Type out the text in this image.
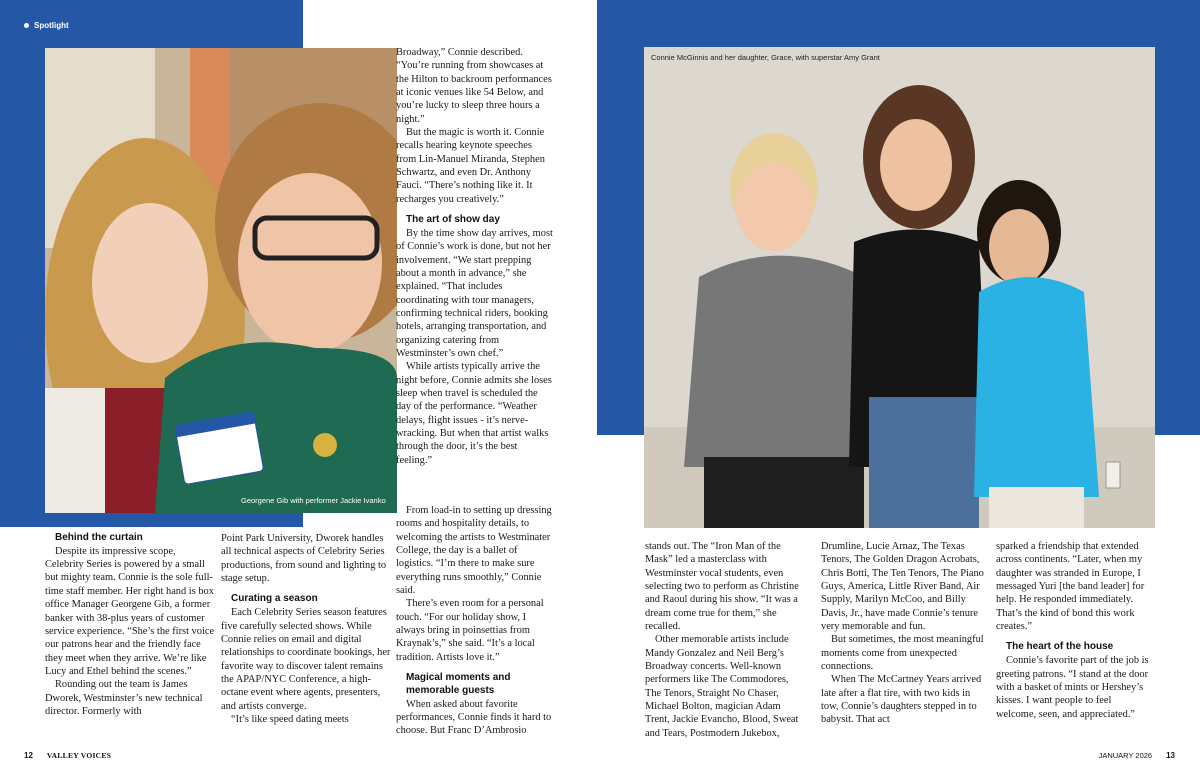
Spotlight
Georgene Gib with performer Jackie Ivanko
Connie McGinnis and her daughter, Grace, with superstar Amy Grant
Behind the curtain

Despite its impressive scope, Celebrity Series is powered by a small but mighty team. Connie is the sole full-time staff member. Her right hand is box office Manager Georgene Gib, a former banker with 38-plus years of customer service experience. “She’s the first voice our patrons hear and the friendly face they meet when they arrive. We’re like Lucy and Ethel behind the scenes.”

Rounding out the team is James Dworek, Westminster’s new technical director. Formerly with

Point Park University, Dworek handles all technical aspects of Celebrity Series productions, from sound and lighting to stage setup.

Curating a season

Each Celebrity Series season features five carefully selected shows. While Connie relies on email and digital relationships to coordinate bookings, her favorite way to discover talent remains the APAP/NYC Conference, a high-octane event where agents, presenters, and artists converge.

“It’s like speed dating meets

Broadway,” Connie described. “You’re running from showcases at the Hilton to backroom performances at iconic venues like 54 Below, and you’re lucky to sleep three hours a night.”

But the magic is worth it. Connie recalls hearing keynote speeches from Lin-Manuel Miranda, Stephen Schwartz, and even Dr. Anthony Fauci. “There’s nothing like it. It recharges you creatively.”

The art of show day

By the time show day arrives, most of Connie’s work is done, but not her involvement. “We start prepping about a month in advance,” she explained. “That includes coordinating with tour managers, confirming technical riders, booking hotels, arranging transportation, and organizing catering from Westminster’s own chef.”

While artists typically arrive the night before, Connie admits she loses sleep when travel is scheduled the day of the performance. “Weather delays, flight issues - it’s nerve-wracking. But when that artist walks through the door, it’s the best feeling.”

From load-in to setting up dressing rooms and hospitality details, to welcoming the artists to Westminater College, the day is a ballet of logistics. “I’m there to make sure everything runs smoothly,” Connie said.

There’s even room for a personal touch. “For our holiday show, I always bring in poinsettias from Kraynak’s,” she said. “It’s a local tradition. Artists love it.”

Magical moments and memorable guests

When asked about favorite performances, Connie finds it hard to choose. But Franc D’Ambrosio

stands out. The “Iron Man of the Mask” led a masterclass with Westminster vocal students, even selecting two to perform as Christine and Raoul during his show. “It was a dream come true for them,” she recalled.

Other memorable artists include Mandy Gonzalez and Neil Berg’s Broadway concerts. Well-known performers like The Commodores, The Tenors, Straight No Chaser, Michael Bolton, magician Adam Trent, Jackie Evancho, Blood, Sweat and Tears, Postmodern Jukebox,

Drumline, Lucie Arnaz, The Texas Tenors, The Golden Dragon Acrobats, Chris Botti, The Ten Tenors, The Piano Guys, America, Little River Band, Air Supply, Marilyn McCoo, and Billy Davis, Jr., have made Connie’s tenure very memorable and fun.

But sometimes, the most meaningful moments come from unexpected connections.

When The McCartney Years arrived late after a flat tire, with two kids in tow, Connie’s daughters stepped in to babysit. That act

sparked a friendship that extended across continents. “Later, when my daughter was stranded in Europe, I messaged Yuri [the band leader] for help. He responded immediately. That’s the kind of bond this work creates.”

The heart of the house

Connie’s favorite part of the job is greeting patrons. “I stand at the door with a basket of mints or Hershey’s kisses. I want people to feel welcome, seen, and appreciated.”

12 VALLEY VOICES	JANUARY 2026 13
